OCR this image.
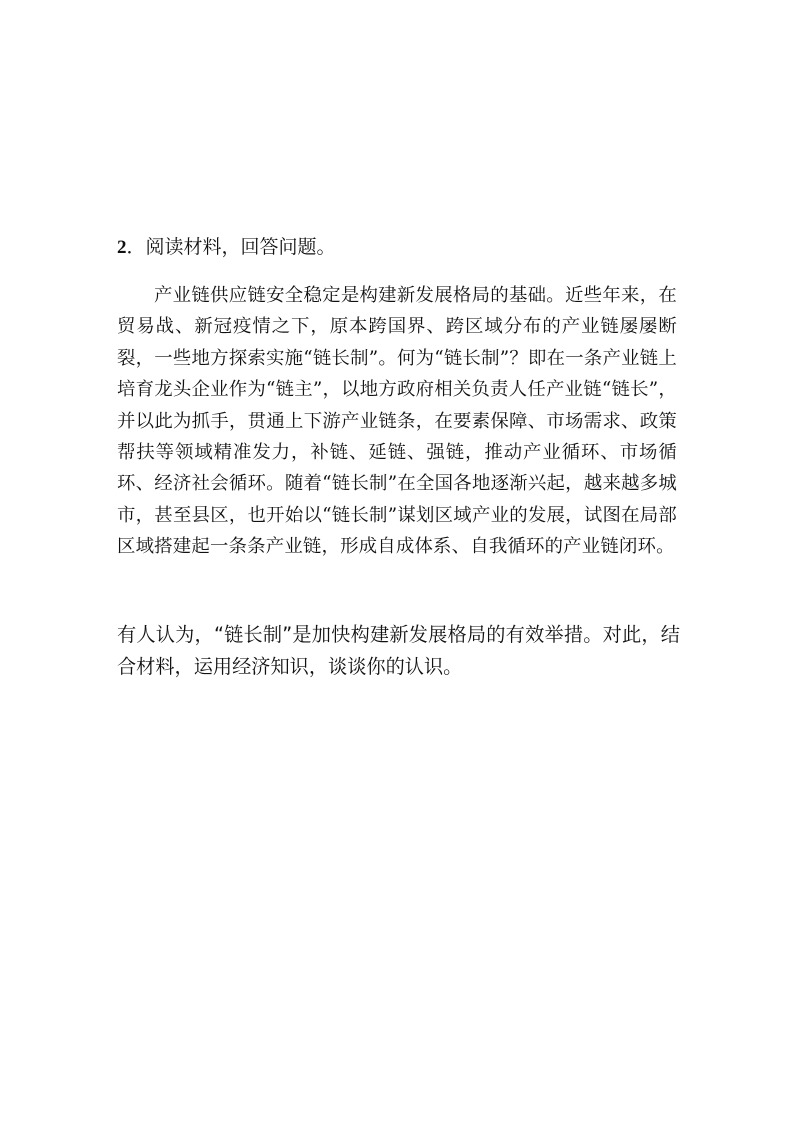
2．阅读材料，回答问题。

产业链供应链安全稳定是构建新发展格局的基础。近些年来，在贸易战、新冠疫情之下，原本跨国界、跨区域分布的产业链屡屡断裂，一些地方探索实施“链长制”。何为“链长制”？即在一条产业链上培育龙头企业作为“链主”，以地方政府相关负责人任产业链“链长”，并以此为抓手，贯通上下游产业链条，在要素保障、市场需求、政策帮扶等领域精准发力，补链、延链、强链，推动产业循环、市场循环、经济社会循环。随着“链长制”在全国各地逐渐兴起，越来越多城市，甚至县区，也开始以“链长制”谋划区域产业的发展，试图在局部区域搭建起一条条产业链，形成自成体系、自我循环的产业链闭环。

有人认为，“链长制”是加快构建新发展格局的有效举措。对此，结合材料，运用经济知识，谈谈你的认识。
